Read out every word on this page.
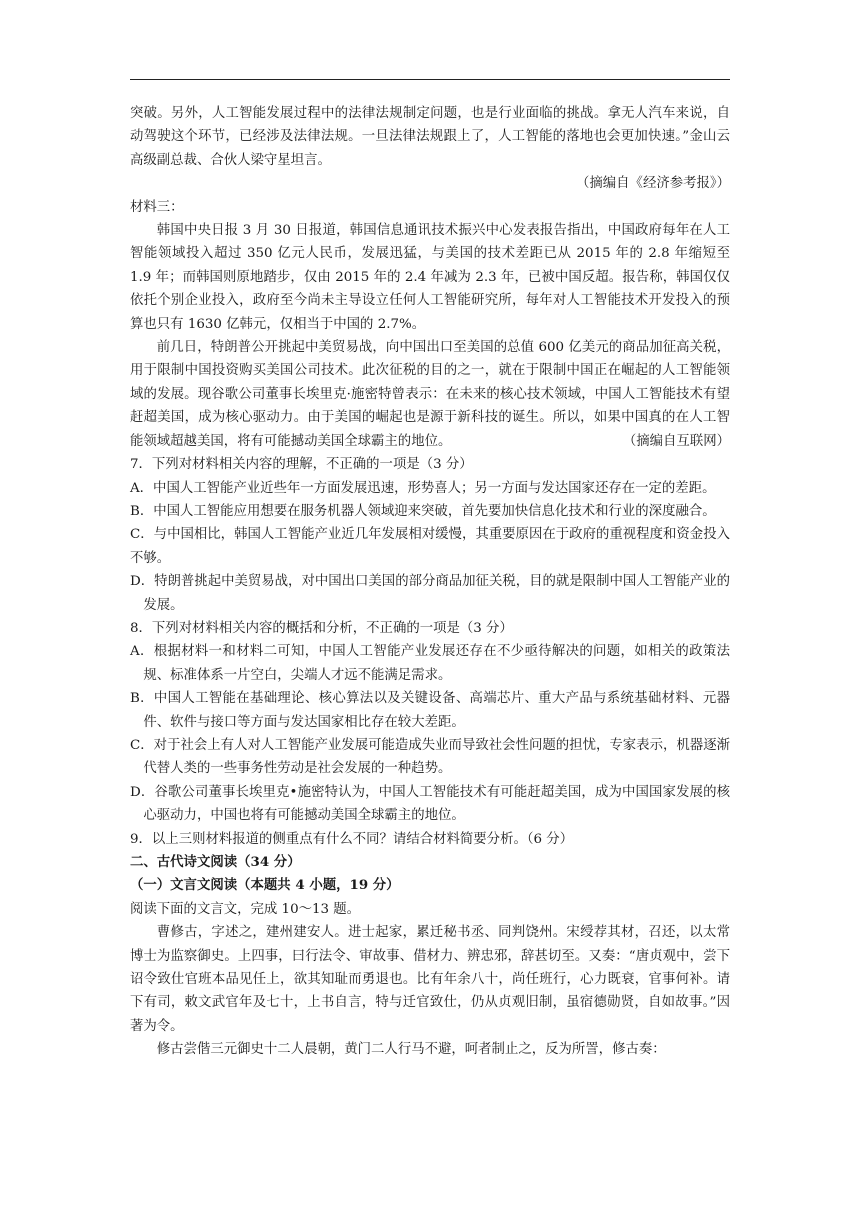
突破。另外，人工智能发展过程中的法律法规制定问题，也是行业面临的挑战。拿无人汽车来说，自动驾驶这个环节，已经涉及法律法规。一旦法律法规跟上了，人工智能的落地也会更加快速。”金山云高级副总裁、合伙人梁守星坦言。

（摘编自《经济参考报》）

材料三：

韩国中央日报 3 月 30 日报道，韩国信息通讯技术振兴中心发表报告指出，中国政府每年在人工智能领域投入超过 350 亿元人民币，发展迅猛，与美国的技术差距已从 2015 年的 2.8 年缩短至 1.9 年；而韩国则原地踏步，仅由 2015 年的 2.4 年减为 2.3 年，已被中国反超。报告称，韩国仅仅依托个别企业投入，政府至今尚未主导设立任何人工智能研究所，每年对人工智能技术开发投入的预算也只有 1630 亿韩元，仅相当于中国的 2.7%。

前几日，特朗普公开挑起中美贸易战，向中国出口至美国的总值 600 亿美元的商品加征高关税，用于限制中国投资购买美国公司技术。此次征税的目的之一，就在于限制中国正在崛起的人工智能领域的发展。现谷歌公司董事长埃里克·施密特曾表示：在未来的核心技术领域，中国人工智能技术有望赶超美国，成为核心驱动力。由于美国的崛起也是源于新科技的诞生。所以，如果中国真的在人工智能领域超越美国，将有可能撼动美国全球霸主的地位。	（摘编自互联网）

7．下列对材料相关内容的理解，不正确的一项是（3 分）

A．中国人工智能产业近些年一方面发展迅速，形势喜人；另一方面与发达国家还存在一定的差距。

B．中国人工智能应用想要在服务机器人领域迎来突破，首先要加快信息化技术和行业的深度融合。

C．与中国相比，韩国人工智能产业近几年发展相对缓慢，其重要原因在于政府的重视程度和资金投入不够。

D．特朗普挑起中美贸易战，对中国出口美国的部分商品加征关税，目的就是限制中国人工智能产业的发展。

8．下列对材料相关内容的概括和分析，不正确的一项是（3 分）

A．根据材料一和材料二可知，中国人工智能产业发展还存在不少亟待解决的问题，如相关的政策法规、标准体系一片空白，尖端人才远不能满足需求。

B．中国人工智能在基础理论、核心算法以及关键设备、高端芯片、重大产品与系统基础材料、元器件、软件与接口等方面与发达国家相比存在较大差距。

C．对于社会上有人对人工智能产业发展可能造成失业而导致社会性问题的担忧，专家表示，机器逐渐代替人类的一些事务性劳动是社会发展的一种趋势。

D．谷歌公司董事长埃里克•施密特认为，中国人工智能技术有可能赶超美国，成为中国国家发展的核心驱动力，中国也将有可能撼动美国全球霸主的地位。

9．以上三则材料报道的侧重点有什么不同？请结合材料简要分析。（6 分）

二、古代诗文阅读（34 分）

（一）文言文阅读（本题共 4 小题，19 分）

阅读下面的文言文，完成 10～13 题。

曹修古，字述之，建州建安人。进士起家，累迁秘书丞、同判饶州。宋绶荐其材，召还，以太常博士为监察御史。上四事，曰行法令、审故事、借材力、辨忠邪，辞甚切至。又奏：“唐贞观中，尝下诏令致仕官班本品见任上，欲其知耻而勇退也。比有年余八十，尚任班行，心力既衰，官事何补。请下有司，敕文武官年及七十，上书自言，特与迁官致仕，仍从贞观旧制，虽宿德勋贤，自如故事。”因著为令。

修古尝偕三元御史十二人晨朝，黄门二人行马不避，呵者制止之，反为所詈，修古奏：
